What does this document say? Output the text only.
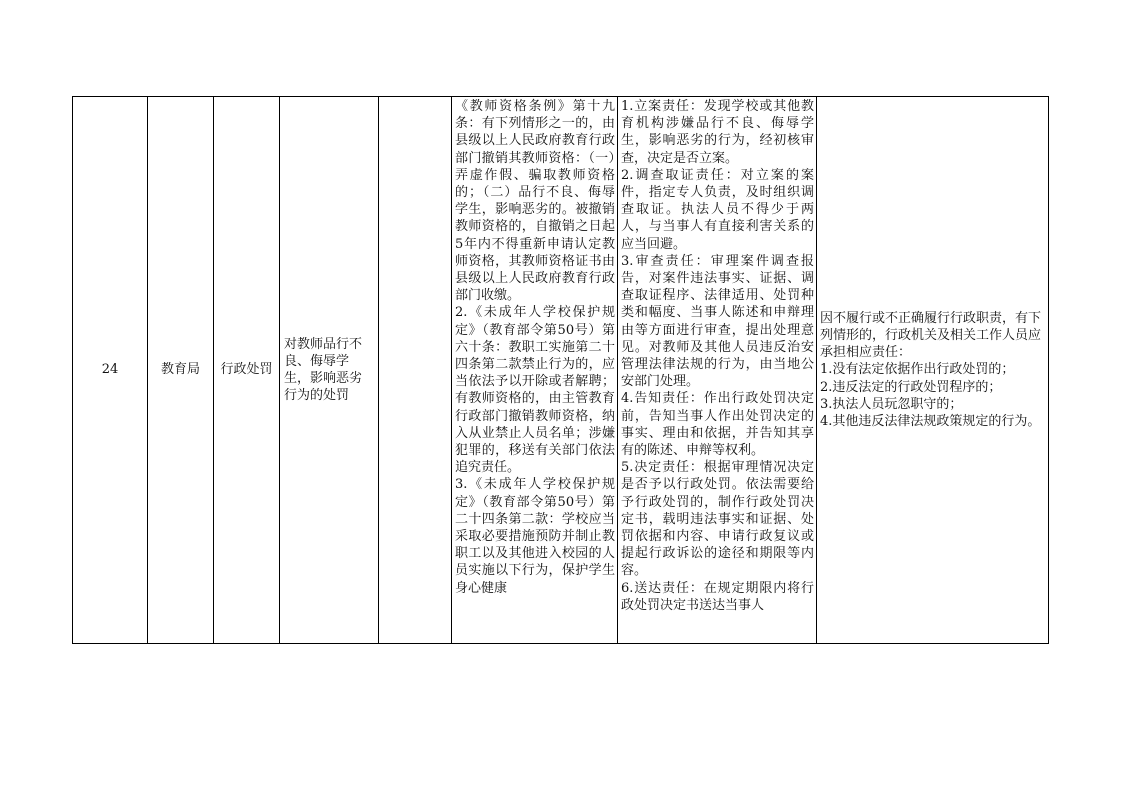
24	教育局 行政处罚
对教师品行不良、侮辱学生，影响恶劣行为的处罚
《教师资格条例》第十九条：有下列情形之一的，由县级以上人民政府教育行政部门撤销其教师资格：（一）弄虚作假、骗取教师资格的；（二）品行不良、侮辱学生，影响恶劣的。被撤销教师资格的，自撤销之日起5年内不得重新申请认定教师资格，其教师资格证书由县级以上人民政府教育行政部门收缴。
2.《未成年人学校保护规定》（教育部令第50号）第六十条：教职工实施第二十四条第二款禁止行为的，应当依法予以开除或者解聘；有教师资格的，由主管教育行政部门撤销教师资格，纳入从业禁止人员名单；涉嫌犯罪的，移送有关部门依法追究责任。
3.《未成年人学校保护规定》（教育部令第50号）第二十四条第二款：学校应当采取必要措施预防并制止教职工以及其他进入校园的人员实施以下行为，保护学生身心健康
1.立案责任：发现学校或其他教育机构涉嫌品行不良、侮辱学生，影响恶劣的行为，经初核审查，决定是否立案。
2.调查取证责任：对立案的案件，指定专人负责，及时组织调查取证。执法人员不得少于两人，与当事人有直接利害关系的应当回避。
3.审查责任：审理案件调查报告，对案件违法事实、证据、调查取证程序、法律适用、处罚种类和幅度、当事人陈述和申辩理由等方面进行审查，提出处理意见。对教师及其他人员违反治安管理法律法规的行为，由当地公安部门处理。
4.告知责任：作出行政处罚决定前，告知当事人作出处罚决定的事实、理由和依据，并告知其享有的陈述、申辩等权利。
5.决定责任：根据审理情况决定是否予以行政处罚。依法需要给予行政处罚的，制作行政处罚决定书，载明违法事实和证据、处罚依据和内容、申请行政复议或提起行政诉讼的途径和期限等内容。
6.送达责任：在规定期限内将行政处罚决定书送达当事人
因不履行或不正确履行行政职责，有下列情形的，行政机关及相关工作人员应承担相应责任：
1.没有法定依据作出行政处罚的；
2.违反法定的行政处罚程序的；
3.执法人员玩忽职守的；
4.其他违反法律法规政策规定的行为。
